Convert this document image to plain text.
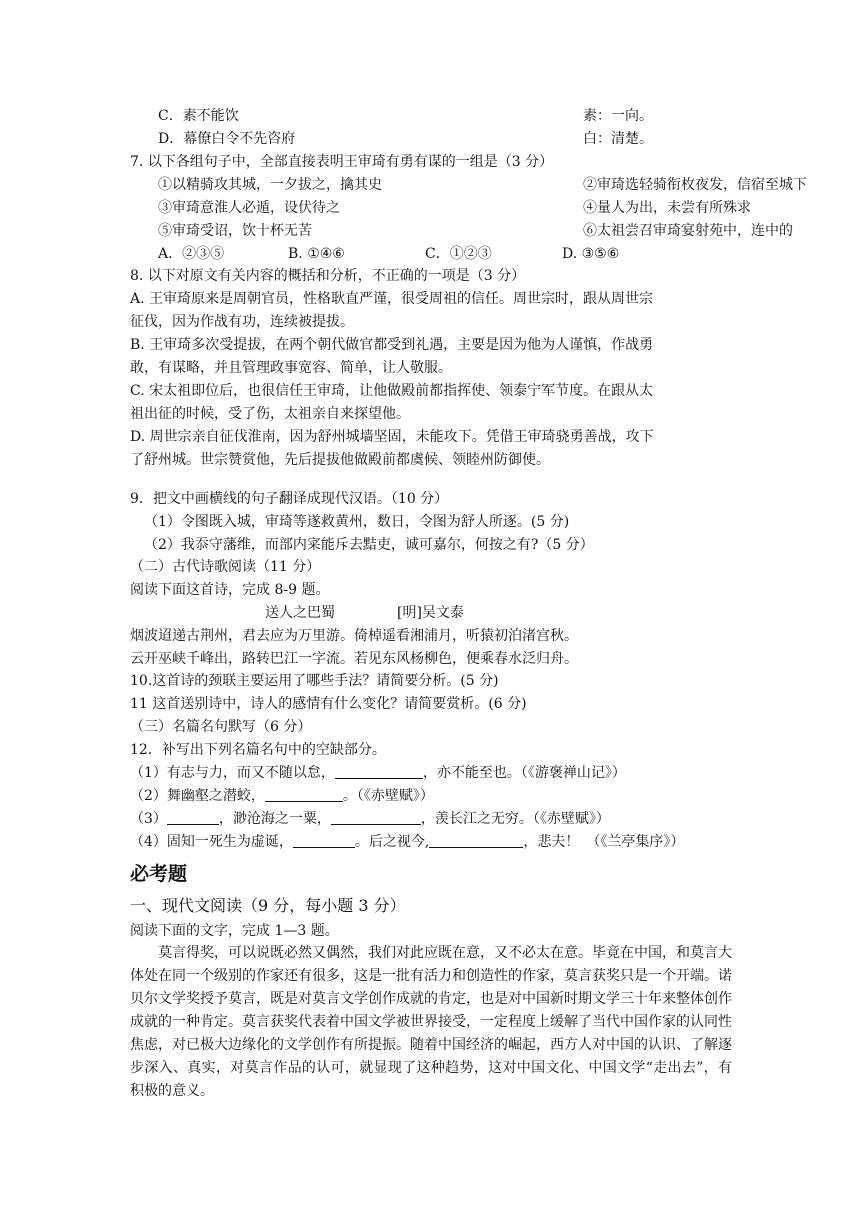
C．素不能饮	素：一向。
D．幕僚白令不先咨府	白：清楚。
7. 以下各组句子中，全部直接表明王审琦有勇有谋的一组是（3 分）
①以精骑攻其城，一夕拔之，擒其史	②审琦选轻骑衔枚夜发，信宿至城下
③审琦意淮人必遁，设伏待之	④量人为出，未尝有所殊求
⑤审琦受诏，饮十杯无苦	⑥太祖尝召审琦宴射苑中，连中的
A．②③⑤	B. ①④⑥	C．①②③	D. ③⑤⑥
8. 以下对原文有关内容的概括和分析，不正确的一项是（3 分）
A. 王审琦原来是周朝官员，性格耿直严谨，很受周祖的信任。周世宗时，跟从周世宗
征伐，因为作战有功，连续被提拔。
B. 王审琦多次受提拔，在两个朝代做官都受到礼遇，主要是因为他为人谨慎，作战勇
敢，有谋略，并且管理政事宽容、简单，让人敬服。
C. 宋太祖即位后，也很信任王审琦，让他做殿前都指挥使、领泰宁军节度。在跟从太
祖出征的时候，受了伤，太祖亲自来探望他。
D. 周世宗亲自征伐淮南，因为舒州城墙坚固，未能攻下。凭借王审琦骁勇善战，攻下
了舒州城。世宗赞赏他，先后提拔他做殿前都虞候、领睦州防御使。
9．把文中画横线的句子翻译成现代汉语。（10 分）
（1）令图既入城，审琦等遂救黄州，数日，令图为舒人所逐。(5 分)
（2）我忝守藩维，而部内寀能斥去黠吏，诚可嘉尔，何按之有?（5 分）
（二）古代诗歌阅读（11 分）
阅读下面这首诗，完成 8-9 题。
送人之巴蜀	[明]吴文泰
烟波迢递古荆州，君去应为万里游。倚棹遥看湘浦月，听猿初泊渚宫秋。
云开巫峡千峰出，路转巴江一字流。若见东风杨柳色，便乘春水泛归舟。
10.这首诗的颈联主要运用了哪些手法？请简要分析。(5 分)
11 这首送别诗中，诗人的感情有什么变化？请简要赏析。(6 分)
（三）名篇名句默写（6 分）
12．补写出下列名篇名句中的空缺部分。
（1）有志与力，而又不随以怠，	，亦不能至也。（《游褒禅山记》）
（2）舞幽壑之潜蛟，	。（《赤壁赋》）
（3）	，渺沧海之一粟，	，羡长江之无穷。（《赤壁赋》）
（4）固知一死生为虚诞，	。后之视今,	，悲夫！　（《兰亭集序》）
必考题
一、现代文阅读（9 分，每小题 3 分）
阅读下面的文字，完成 1—3 题。
莫言得奖，可以说既必然又偶然，我们对此应既在意，又不必太在意。毕竟在中国，和莫言大体处在同一个级别的作家还有很多，这是一批有活力和创造性的作家，莫言获奖只是一个开端。诺贝尔文学奖授予莫言，既是对莫言文学创作成就的肯定，也是对中国新时期文学三十年来整体创作成就的一种肯定。莫言获奖代表着中国文学被世界接受，一定程度上缓解了当代中国作家的认同性焦虑，对已极大边缘化的文学创作有所提振。随着中国经济的崛起，西方人对中国的认识、了解逐步深入、真实，对莫言作品的认可，就显现了这种趋势，这对中国文化、中国文学“走出去”，有积极的意义。
